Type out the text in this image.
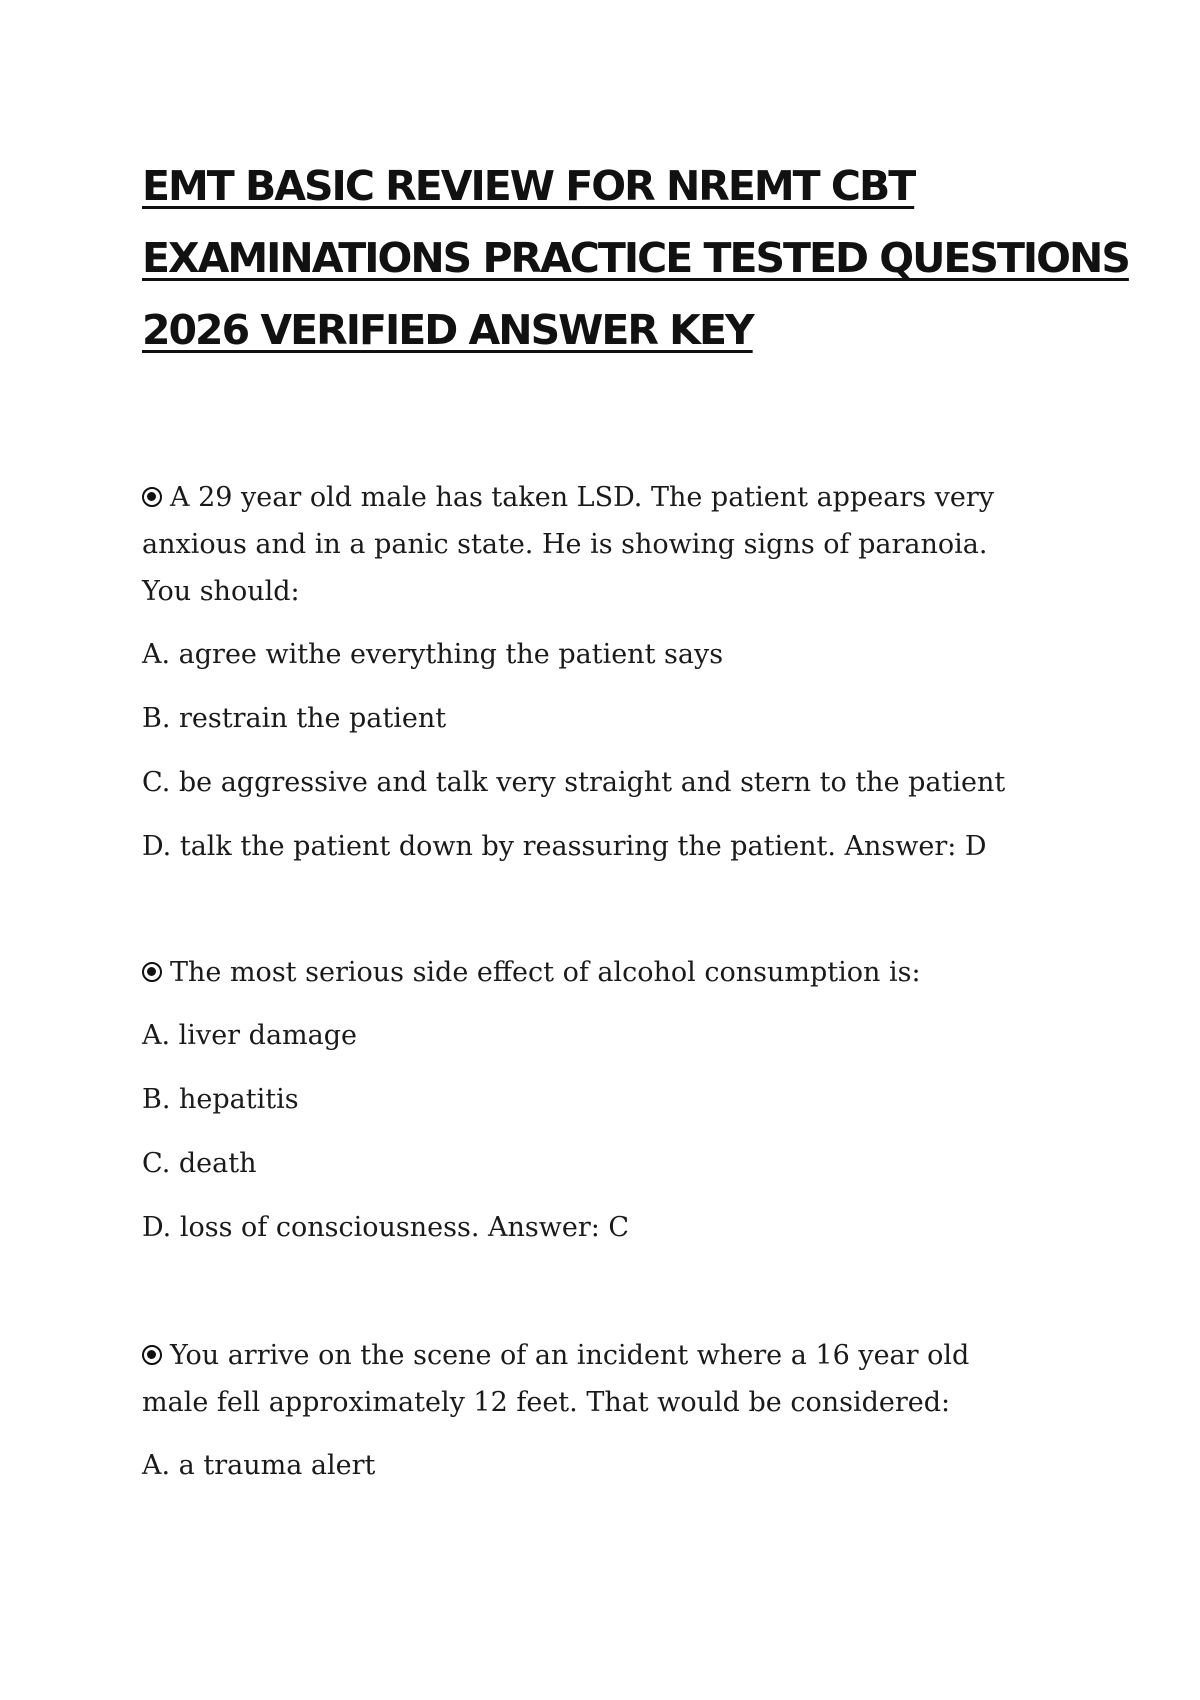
EMT BASIC REVIEW FOR NREMT CBT
EXAMINATIONS PRACTICE TESTED QUESTIONS
2026 VERIFIED ANSWER KEY
A 29 year old male has taken LSD. The patient appears very anxious and in a panic state. He is showing signs of paranoia. You should:
A. agree withe everything the patient says
B. restrain the patient
C. be aggressive and talk very straight and stern to the patient
D. talk the patient down by reassuring the patient. Answer: D
The most serious side effect of alcohol consumption is:
A. liver damage
B. hepatitis
C. death
D. loss of consciousness. Answer: C
You arrive on the scene of an incident where a 16 year old male fell approximately 12 feet. That would be considered:
A. a trauma alert
